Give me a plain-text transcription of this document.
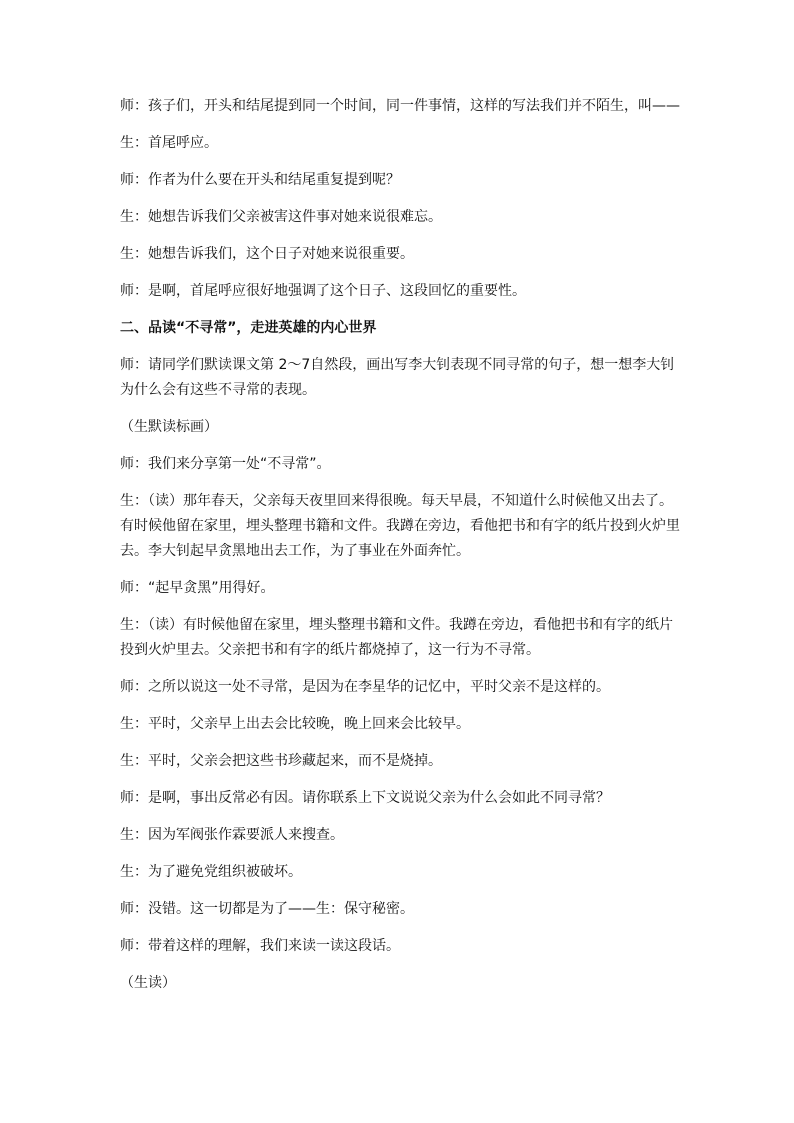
师：孩子们，开头和结尾提到同一个时间，同一件事情，这样的写法我们并不陌生，叫——

生：首尾呼应。

师：作者为什么要在开头和结尾重复提到呢？

生：她想告诉我们父亲被害这件事对她来说很难忘。

生：她想告诉我们，这个日子对她来说很重要。

师：是啊，首尾呼应很好地强调了这个日子、这段回忆的重要性。

二、品读“不寻常”，走进英雄的内心世界

师：请同学们默读课文第 2～7自然段，画出写李大钊表现不同寻常的句子，想一想李大钊为什么会有这些不寻常的表现。

（生默读标画）

师：我们来分享第一处“不寻常”。

生：（读）那年春天，父亲每天夜里回来得很晚。每天早晨，不知道什么时候他又出去了。有时候他留在家里，埋头整理书籍和文件。我蹲在旁边，看他把书和有字的纸片投到火炉里去。李大钊起早贪黑地出去工作，为了事业在外面奔忙。

师：“起早贪黑”用得好。

生：（读）有时候他留在家里，埋头整理书籍和文件。我蹲在旁边，看他把书和有字的纸片投到火炉里去。父亲把书和有字的纸片都烧掉了，这一行为不寻常。

师：之所以说这一处不寻常，是因为在李星华的记忆中，平时父亲不是这样的。

生：平时，父亲早上出去会比较晚，晚上回来会比较早。

生：平时，父亲会把这些书珍藏起来，而不是烧掉。

师：是啊，事出反常必有因。请你联系上下文说说父亲为什么会如此不同寻常？

生：因为军阀张作霖要派人来搜查。

生：为了避免党组织被破坏。

师：没错。这一切都是为了——生：保守秘密。

师：带着这样的理解，我们来读一读这段话。

（生读）
